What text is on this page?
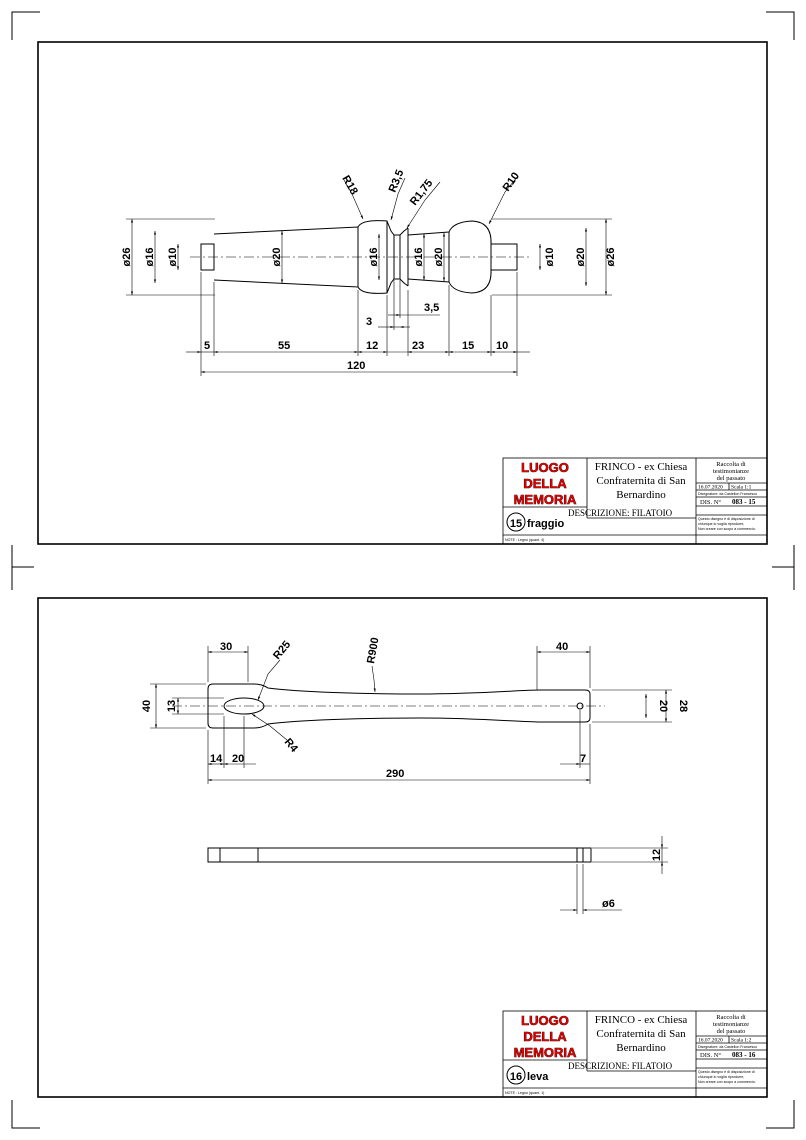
ø26 ø16 ø10	ø20	ø16	ø16 ø20	ø10 ø20 ø26
R18 R3,5 R1,75	R10
3
3,5
5	55	12	23	15 10
120
LUOGO
DELLA
MEMORIA
FRINCO - ex Chiesa
Confraternita di San
Bernardino
Raccolta di
testimonianze
del passato
16.07.2020 Scala 1:1
Disegnatore: da Castellon Francesco
DIS. N° 083 - 15
Questo disegno è di disposizione di
chiunque lo voglia riprodurre,
Non creare con scopo a commercio.
15 fraggio
DESCRIZIONE: FILATOIO
NOTE : Legno (quant. 4)
30	R25	R900	40
40 13	20 28
R4
14 20	7
290
12
ø6
LUOGO
DELLA
MEMORIA
FRINCO - ex Chiesa
Confraternita di San
Bernardino
Raccolta di
testimonianze
del passato
16.07.2020 Scala 1:2
Disegnatore: da Castellon Francesco
DIS. N° 083 - 16
Questo disegno è di disposizione di
chiunque lo voglia riprodurre,
Non creare con scopo a commercio.
16 leva
DESCRIZIONE: FILATOIO
NOTE : Legno (quant. 1)
